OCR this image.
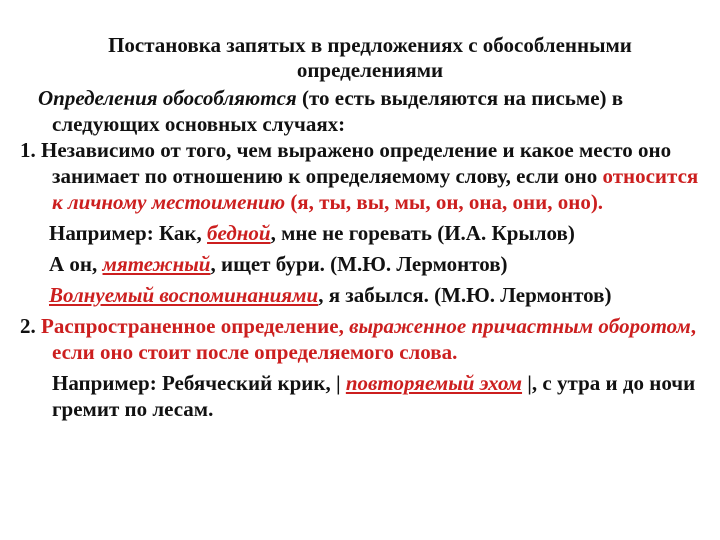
Постановка запятых в предложениях с обособленными определениями

Определения обособляются (то есть выделяются на письме) в следующих основных случаях:

1. Независимо от того, чем выражено определение и какое место оно занимает по отношению к определяемому слову, если оно относится к личному местоимению (я, ты, вы, мы, он, она, они, оно).

Например: Как, бедной, мне не горевать (И.А. Крылов)

А он, мятежный, ищет бури. (М.Ю. Лермонтов)

Волнуемый воспоминаниями, я забылся. (М.Ю. Лермонтов)

2. Распространенное определение, выраженное причастным оборотом, если оно стоит после определяемого слова.

Например: Ребяческий крик, | повторяемый эхом |, с утра и до ночи гремит по лесам.
